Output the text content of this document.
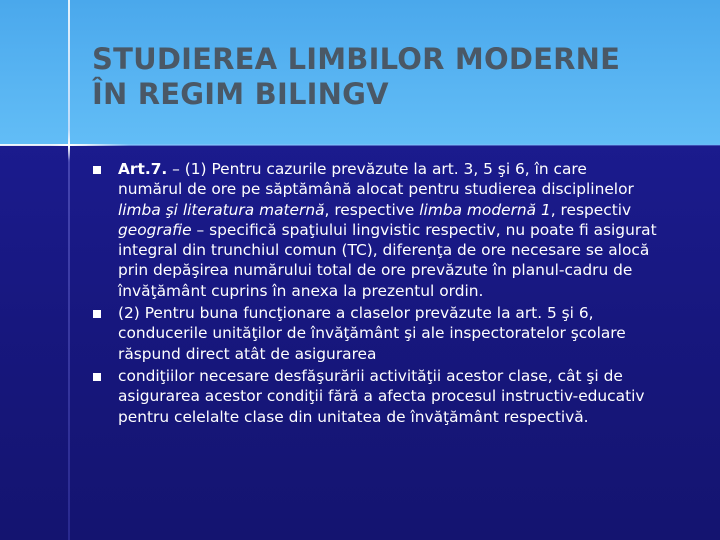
STUDIEREA LIMBILOR MODERNE
ÎN REGIM BILINGV
Art.7. – (1) Pentru cazurile prevăzute la art. 3, 5 şi 6, în care
numărul de ore pe săptămână alocat pentru studierea disciplinelor
limba şi literatura maternă, respective limba modernă 1, respectiv
geografie – specifică spaţiului lingvistic respectiv, nu poate fi asigurat
integral din trunchiul comun (TC), diferenţa de ore necesare se alocă
prin depăşirea numărului total de ore prevăzute în planul-cadru de
învăţământ cuprins în anexa la prezentul ordin.
(2) Pentru buna funcţionare a claselor prevăzute la art. 5 şi 6,
conducerile unităţilor de învăţământ şi ale inspectoratelor şcolare
răspund direct atât de asigurarea
condiţiilor necesare desfăşurării activităţii acestor clase, cât şi de
asigurarea acestor condiţii fără a afecta procesul instructiv-educativ
pentru celelalte clase din unitatea de învăţământ respectivă.
